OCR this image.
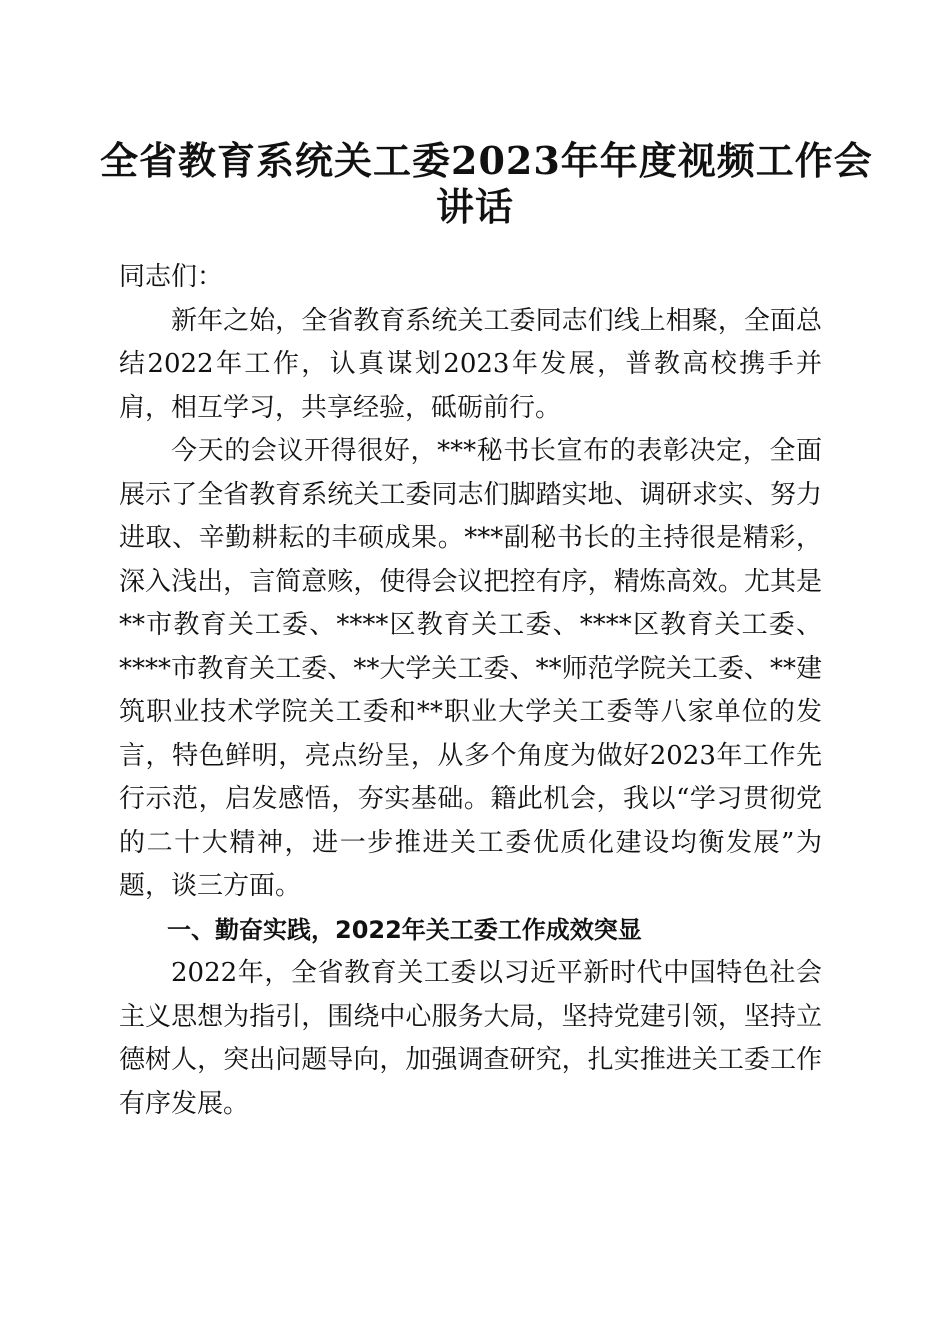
全省教育系统关工委2023年年度视频工作会
讲话

同志们：

新年之始，全省教育系统关工委同志们线上相聚，全面总结2022年工作，认真谋划2023年发展，普教高校携手并肩，相互学习，共享经验，砥砺前行。

今天的会议开得很好，***秘书长宣布的表彰决定，全面展示了全省教育系统关工委同志们脚踏实地、调研求实、努力进取、辛勤耕耘的丰硕成果。***副秘书长的主持很是精彩，深入浅出，言简意赅，使得会议把控有序，精炼高效。尤其是**市教育关工委、****区教育关工委、****区教育关工委、****市教育关工委、**大学关工委、**师范学院关工委、**建筑职业技术学院关工委和**职业大学关工委等八家单位的发言，特色鲜明，亮点纷呈，从多个角度为做好2023年工作先行示范，启发感悟，夯实基础。籍此机会，我以“学习贯彻党的二十大精神，进一步推进关工委优质化建设均衡发展”为题，谈三方面。

一、勤奋实践，2022年关工委工作成效突显

2022年，全省教育关工委以习近平新时代中国特色社会主义思想为指引，围绕中心服务大局，坚持党建引领，坚持立德树人，突出问题导向，加强调查研究，扎实推进关工委工作有序发展。
